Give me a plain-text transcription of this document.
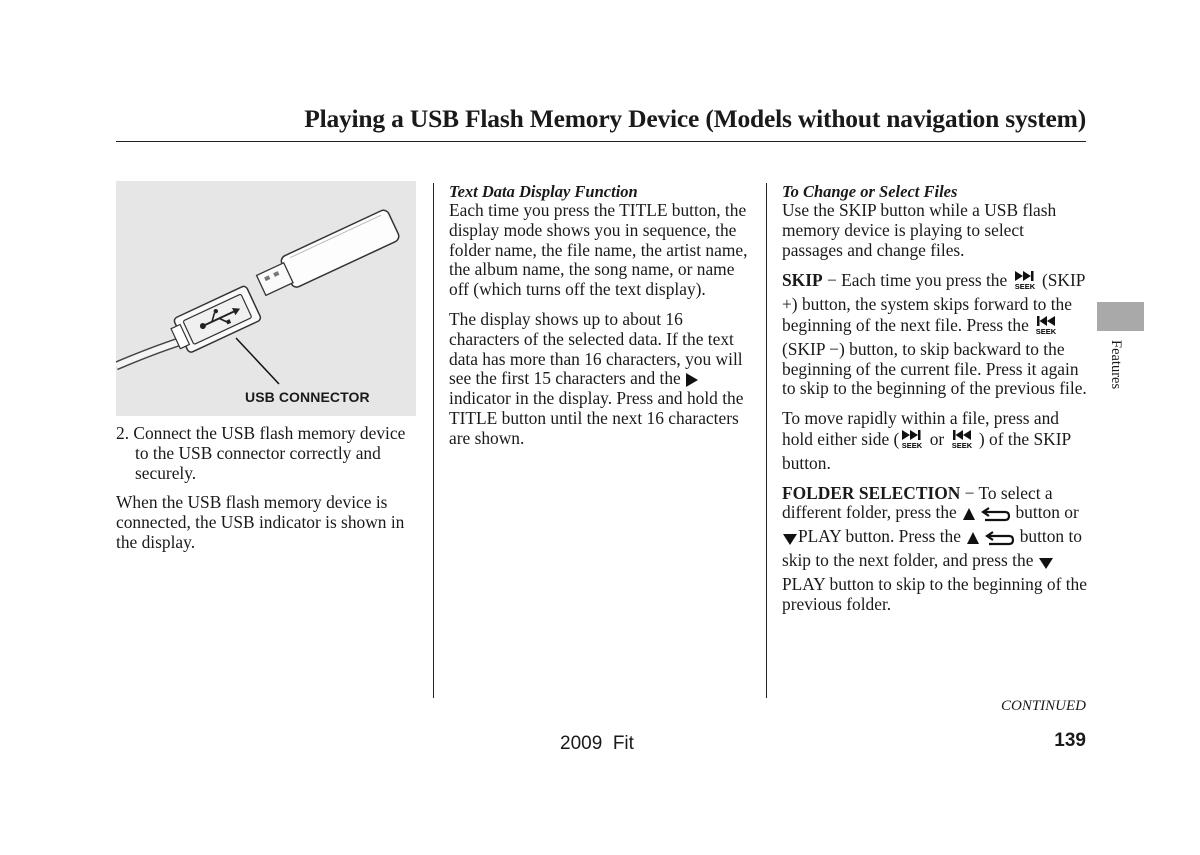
Playing a USB Flash Memory Device (Models without navigation system)
USB CONNECTOR

2. Connect the USB flash memory device to the USB connector correctly and securely.

When the USB flash memory device is connected, the USB indicator is shown in the display.

Text Data Display Function

Each time you press the TITLE button, the display mode shows you in sequence, the folder name, the file name, the artist name, the album name, the song name, or name off (which turns off the text display).

The display shows up to about 16 characters of the selected data. If the text data has more than 16 characters, you will see the first 15 characters and the  indicator in the display. Press and hold the TITLE button until the next 16 characters are shown.

To Change or Select Files

Use the SKIP button while a USB flash memory device is playing to select passages and change files.

SKIP − Each time you press the SEEK (SKIP +) button, the system skips forward to the beginning of the next file. Press the SEEK
(SKIP −) button, to skip backward to the beginning of the current file. Press it again to skip to the beginning of the previous file.

To move rapidly within a file, press and hold either side ( SEEK or SEEK ) of the SKIP button.

FOLDER SELECTION − To select a different folder, press the	button or PLAY button. Press the	button to skip to the next folder, and press the PLAY button to skip to the beginning of the previous folder.

Features
CONTINUED
2009  Fit	139
